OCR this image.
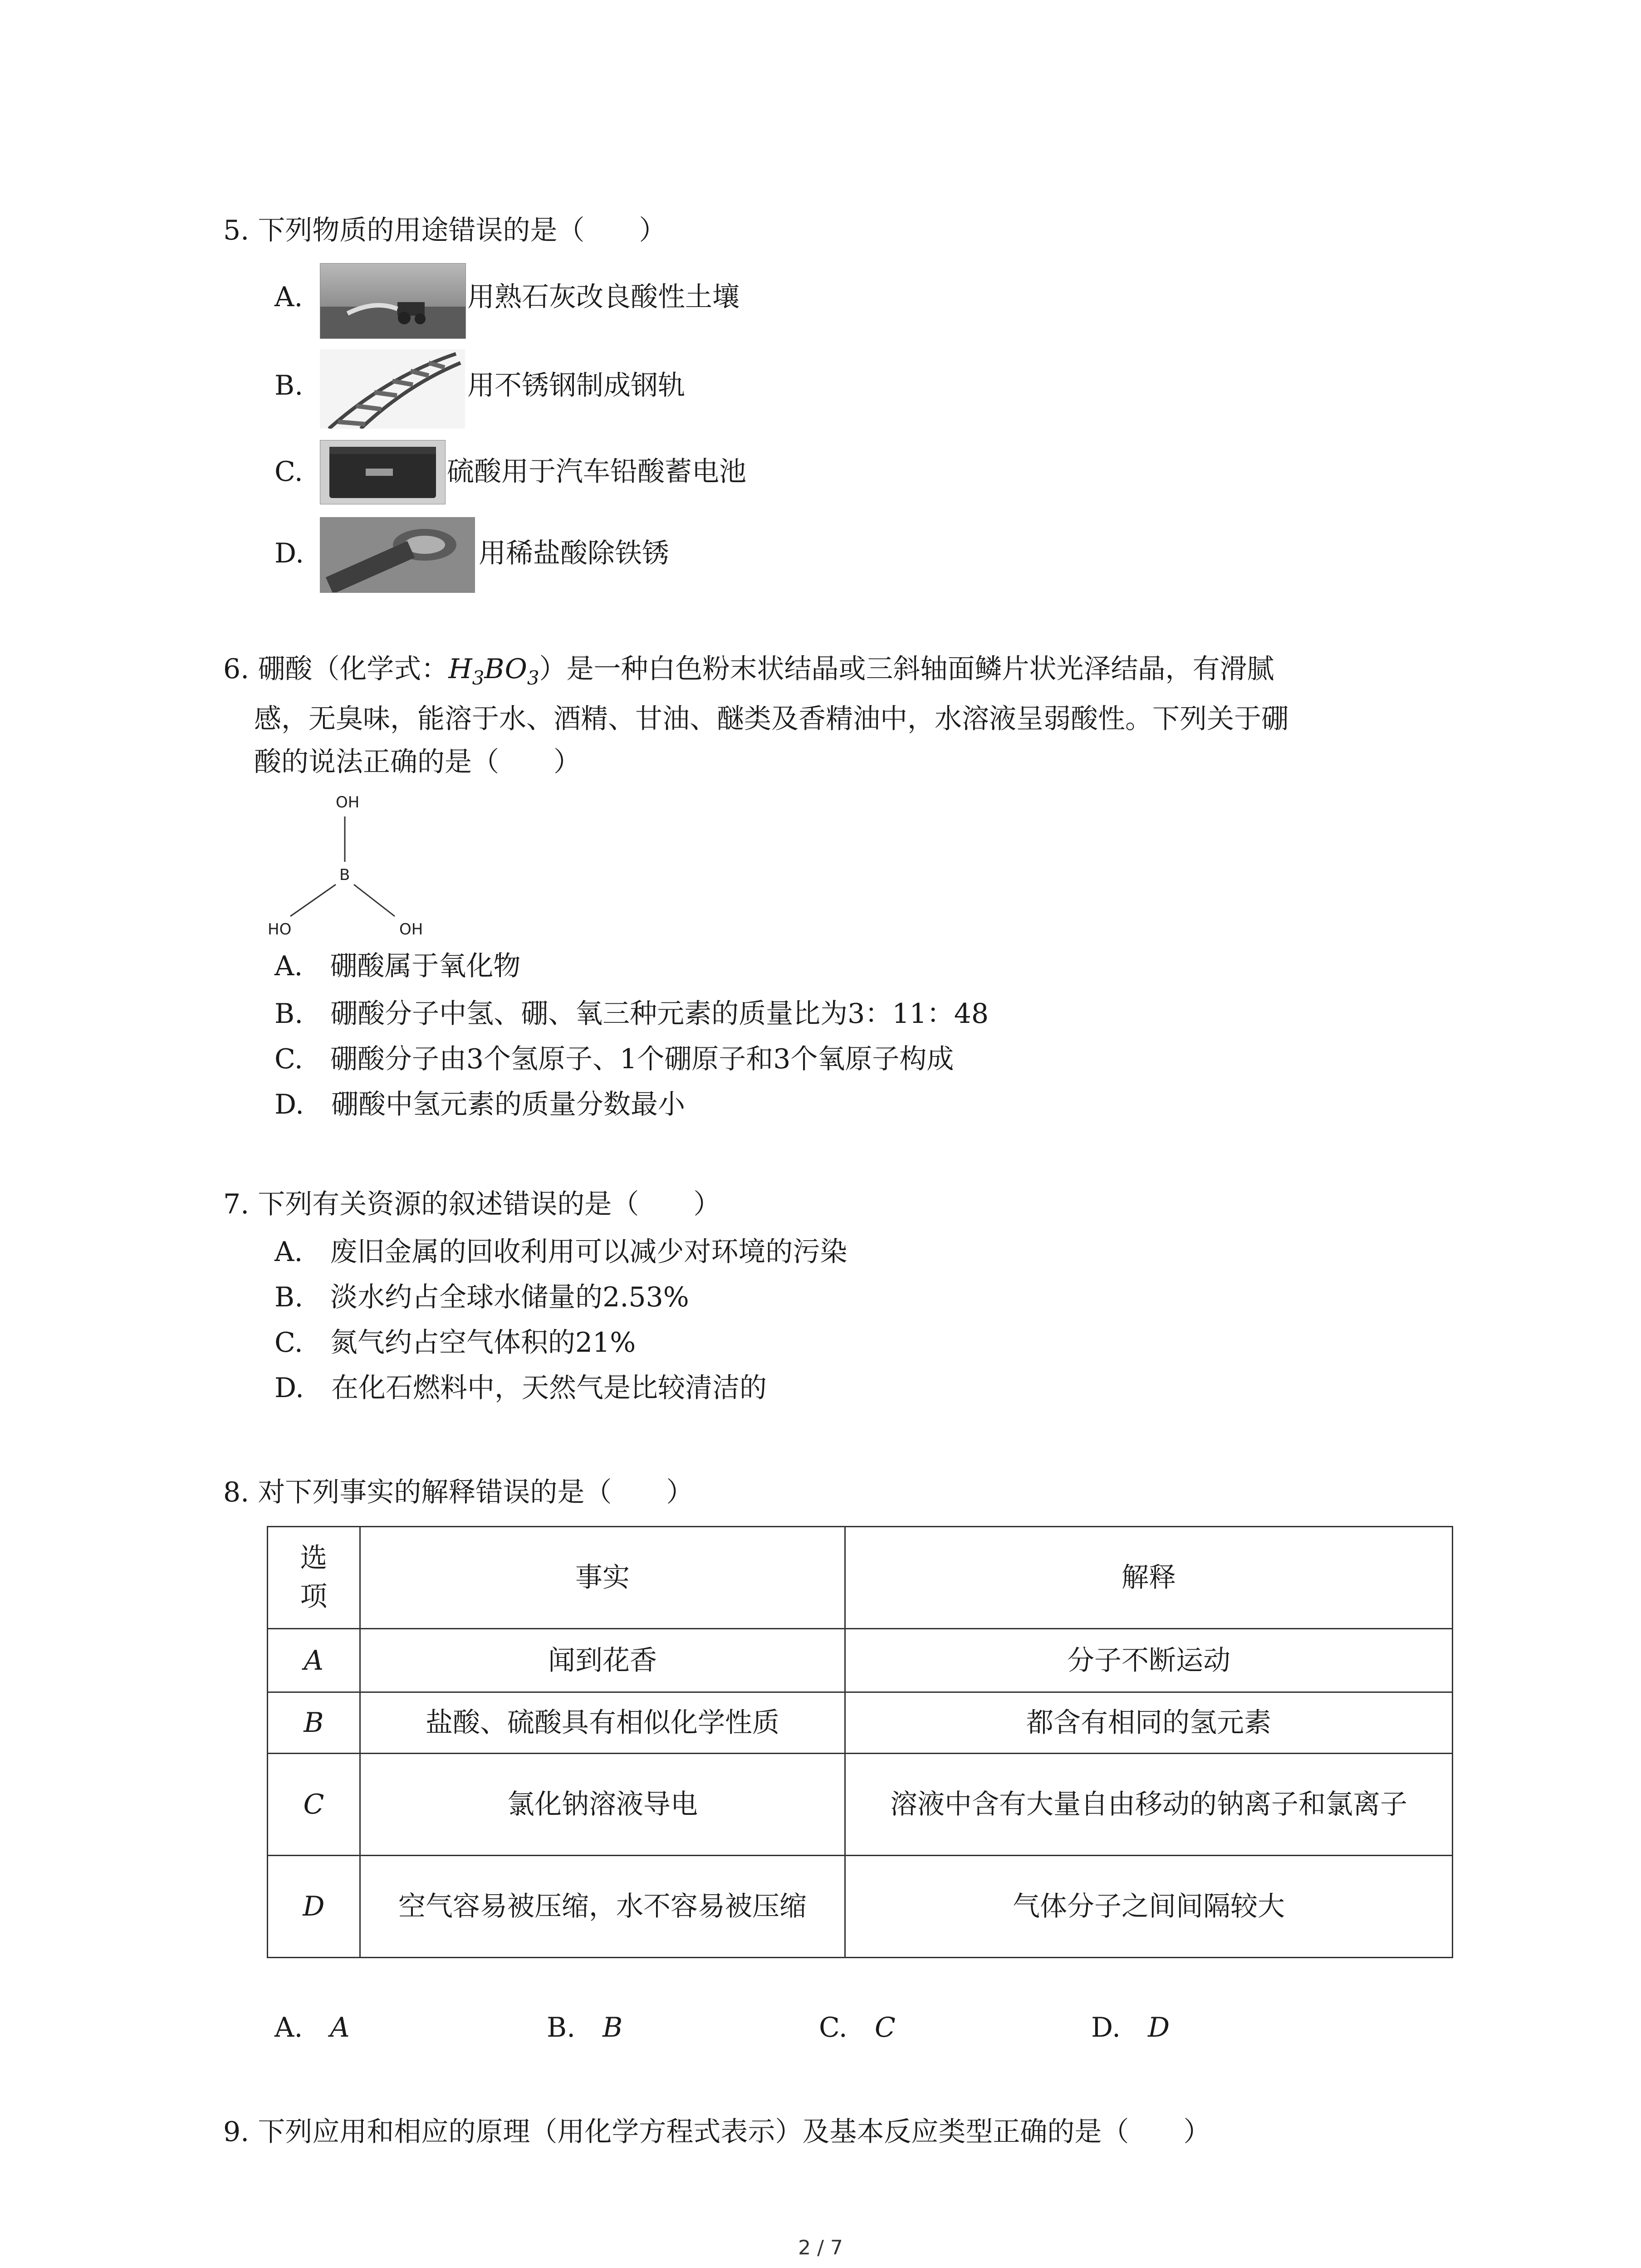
5. 下列物质的用途错误的是（　　）
A.	用熟石灰改良酸性土壤
B.	用不锈钢制成钢轨
C.	硫酸用于汽车铅酸蓄电池
D.	用稀盐酸除铁锈
6. 硼酸（化学式：$H_3BO_3$）是一种白色粉末状结晶或三斜轴面鳞片状光泽结晶，有滑腻
感，无臭味，能溶于水、酒精、甘油、醚类及香精油中，水溶液呈弱酸性。下列关于硼
酸的说法正确的是（　　）
OH
B
HO	OH
A.　 硼酸属于氧化物
B.　 硼酸分子中氢、硼、氧三种元素的质量比为3：11：48
C.　 硼酸分子由3个氢原子、1个硼原子和3个氧原子构成
D.　 硼酸中氢元素的质量分数最小
7. 下列有关资源的叙述错误的是（　　）
A.　 废旧金属的回收利用可以减少对环境的污染
B.　 淡水约占全球水储量的2.53%
C.　 氮气约占空气体积的21%
D.　 在化石燃料中，天然气是比较清洁的
8. 对下列事实的解释错误的是（　　）
选项	事实	解释
A	闻到花香	分子不断运动
B	盐酸、硫酸具有相似化学性质	都含有相同的氢元素
C	氯化钠溶液导电	溶液中含有大量自由移动的钠离子和氯离子

D	空气容易被压缩，水不容易被压缩	气体分子之间间隔较大
A.　 A	B.　 B	C.　 C	D.　 D
9. 下列应用和相应的原理（用化学方程式表示）及基本反应类型正确的是（　　）
2 / 7
